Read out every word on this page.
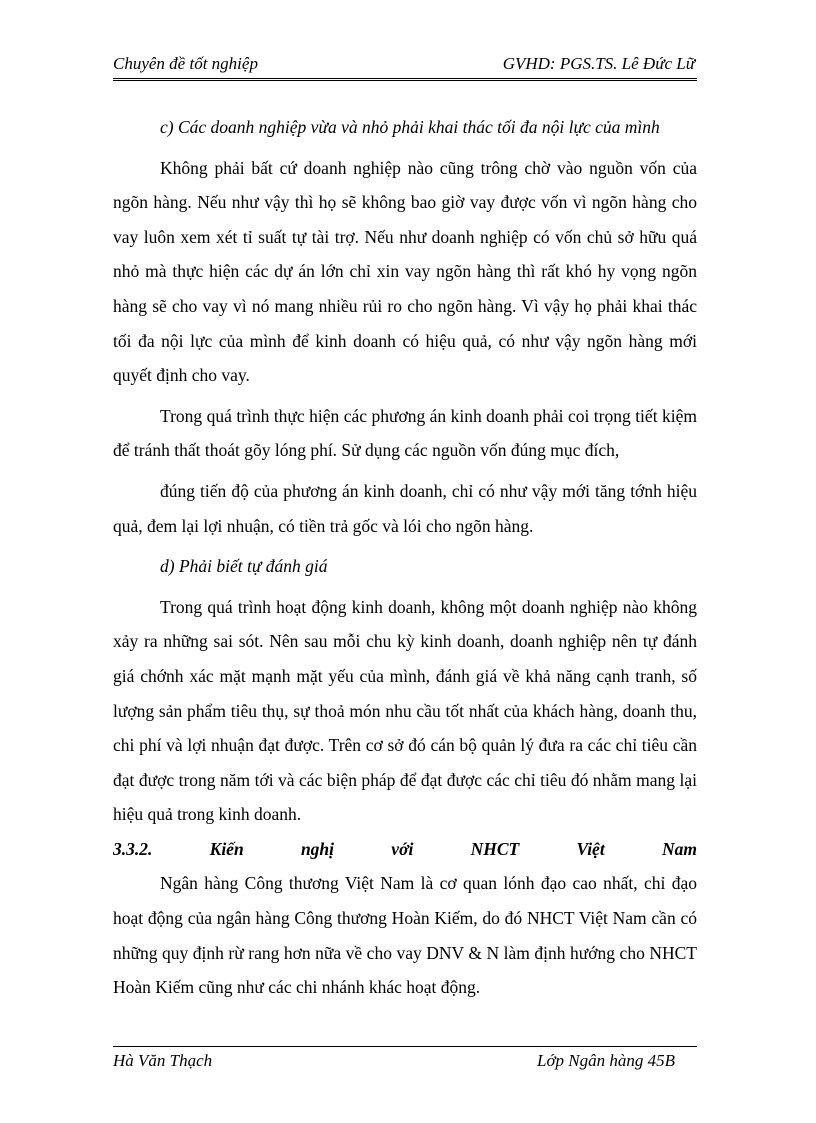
Chuyên đề tốt nghiệp	GVHD: PGS.TS. Lê Đức Lữ

c) Các doanh nghiệp vừa và nhỏ phải khai thác tối đa nội lực của mình

Không phải bất cứ doanh nghiệp nào cũng trông chờ vào nguồn vốn của ngõn hàng. Nếu như vậy thì họ sẽ không bao giờ vay được vốn vì ngõn hàng cho vay luôn xem xét tỉ suất tự tài trợ. Nếu như doanh nghiệp có vốn chủ sở hữu quá nhỏ mà thực hiện các dự án lớn chỉ xin vay ngõn hàng thì rất khó hy vọng ngõn hàng sẽ cho vay vì nó mang nhiều rủi ro cho ngõn hàng. Vì vậy họ phải khai thác tối đa nội lực của mình để kinh doanh có hiệu quả, có như vậy ngõn hàng mới quyết định cho vay.

Trong quá trình thực hiện các phương án kinh doanh phải coi trọng tiết kiệm để tránh thất thoát gõy lóng phí. Sử dụng các nguồn vốn đúng mục đích,

đúng tiến độ của phương án kinh doanh, chỉ có như vậy mới tăng tớnh hiệu quả, đem lại lợi nhuận, có tiền trả gốc và lói cho ngõn hàng.

d) Phải biết tự đánh giá

Trong quá trình hoạt động kinh doanh, không một doanh nghiệp nào không xảy ra những sai sót. Nên sau mỗi chu kỳ kinh doanh, doanh nghiệp nên tự đánh giá chớnh xác mặt mạnh mặt yếu của mình, đánh giá về khả năng cạnh tranh, số lượng sản phẩm tiêu thụ, sự thoả món nhu cầu tốt nhất của khách hàng, doanh thu, chi phí và lợi nhuận đạt được. Trên cơ sở đó cán bộ quản lý đưa ra các chỉ tiêu cần đạt được trong năm tới và các biện pháp để đạt được các chỉ tiêu đó nhằm mang lại hiệu quả trong kinh doanh.

3.3.2.	Kiến	nghị	với	NHCT	Việt	Nam

Ngân hàng Công thương Việt Nam là cơ quan lónh đạo cao nhất, chỉ đạo hoạt động của ngân hàng Công thương Hoàn Kiếm, do đó NHCT Việt Nam cần có những quy định rừ rang hơn nữa về cho vay DNV & N làm định hướng cho NHCT Hoàn Kiếm cũng như các chi nhánh khác hoạt động.

Hà Văn Thạch	Lớp Ngân hàng 45B
